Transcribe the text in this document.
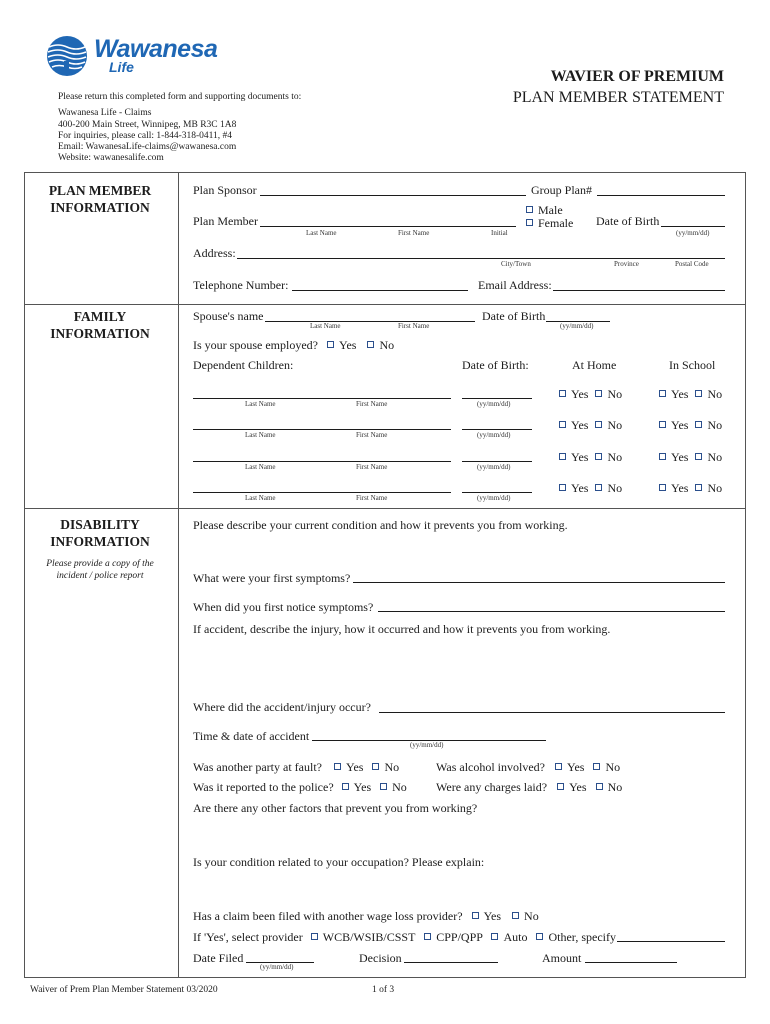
Wawanesa
Life
WAVIER OF PREMIUM
PLAN MEMBER STATEMENT
Please return this completed form and supporting documents to:
Wawanesa Life - Claims
400-200 Main Street, Winnipeg, MB R3C 1A8
For inquiries, please call: 1-844-318-0411, #4
Email: WawanesaLife-claims@wawanesa.com
Website: wawanesalife.com
PLAN MEMBER
INFORMATION
Plan Sponsor	Group Plan#
Plan Member
Last Name	First Name	Initial
Male
Female Date of Birth
(yy/mm/dd)
Address:
City/Town	Province	Postal Code
Telephone Number:	Email Address:
FAMILY
INFORMATION
Spouse's name
Last Name	First Name
Date of Birth
(yy/mm/dd)
Is your spouse employed? Yes No
Dependent Children:	Date of Birth:	At Home	In School
Last Name	First Name	(yy/mm/dd)
Yes No	Yes No
Last Name	First Name	(yy/mm/dd)
Yes No	Yes No
Last Name	First Name	(yy/mm/dd)
Yes No	Yes No
Last Name	First Name	(yy/mm/dd)
Yes No	Yes No
DISABILITY
INFORMATION
Please provide a copy of the
incident / police report
Please describe your current condition and how it prevents you from working.
What were your first symptoms?
When did you first notice symptoms?
If accident, describe the injury, how it occurred and how it prevents you from working.
Where did the accident/injury occur?
Time & date of accident
(yy/mm/dd)
Was another party at fault? Yes No	Was alcohol involved? Yes No
Was it reported to the police? Yes No Were any charges laid? Yes No
Are there any other factors that prevent you from working?
Is your condition related to your occupation? Please explain:
Has a claim been filed with another wage loss provider? Yes No
If 'Yes', select provider WCB/WSIB/CSST CPP/QPP Auto Other, specify
Date Filed
(yy/mm/dd)
Decision	Amount
Waiver of Prem Plan Member Statement 03/2020	1 of 3
